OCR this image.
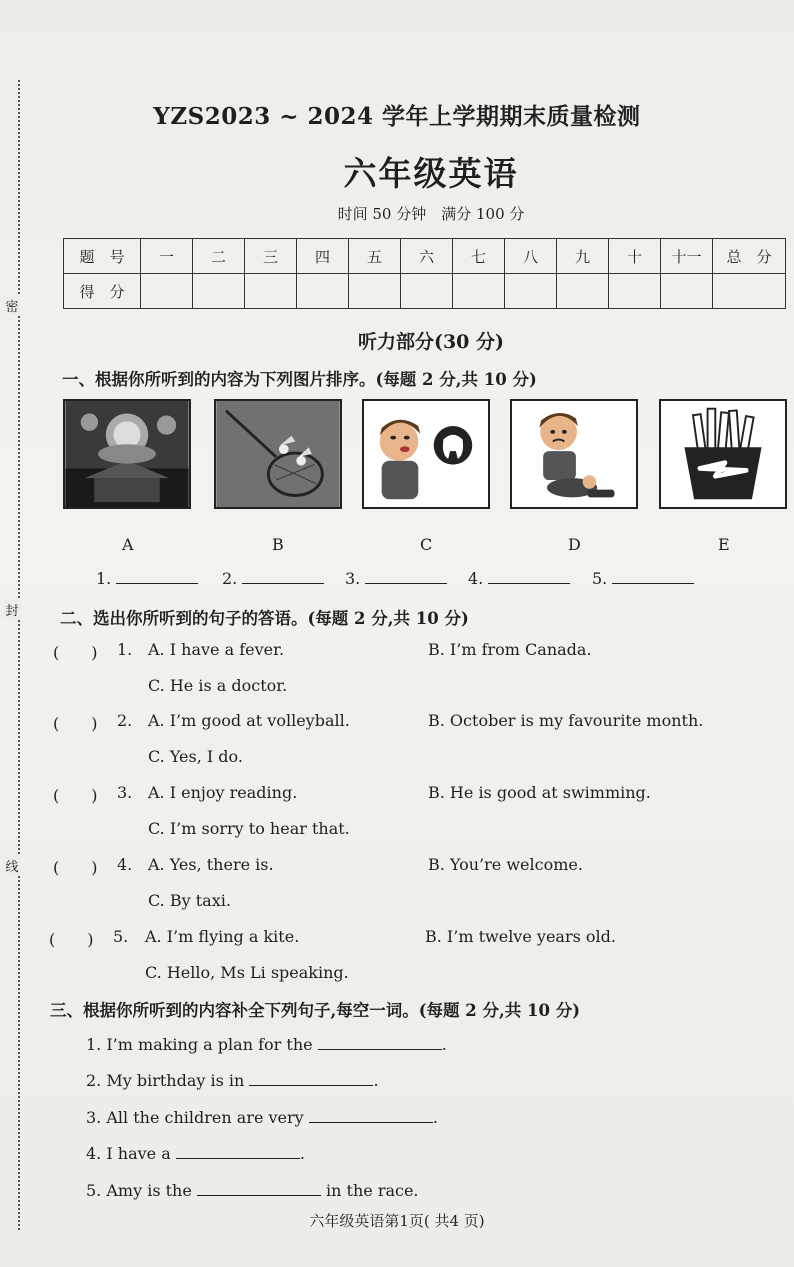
密
封
线
YZS2023 ~ 2024 学年上学期期末质量检测
六年级英语
时间 50 分钟　满分 100 分
题　号	一	二	三	四	五	六	七	八	九	十	十一	总　分
得　分												
听力部分(30 分)
一、根据你所听到的内容为下列图片排序。(每题 2 分,共 10 分)
A	B	C	D	E
1.	2.	3.	4.	5.
二、选出你所听到的句子的答语。(每题 2 分,共 10 分)
(　　) 1. A. I have a fever.	B. I’m from Canada.
C. He is a doctor.
(　　) 2. A. I’m good at volleyball.	B. October is my favourite month.
C. Yes, I do.
(　　) 3. A. I enjoy reading.	B. He is good at swimming.
C. I’m sorry to hear that.
(　　) 4. A. Yes, there is.	B. You’re welcome.
C. By taxi.
(　　) 5. A. I’m flying a kite.	B. I’m twelve years old.
C. Hello, Ms Li speaking.
三、根据你所听到的内容补全下列句子,每空一词。(每题 2 分,共 10 分)
1. I’m making a plan for the	.
2. My birthday is in	.
3. All the children are very	.
4. I have a	.
5. Amy is the	in the race.
六年级英语第1页( 共4 页)
